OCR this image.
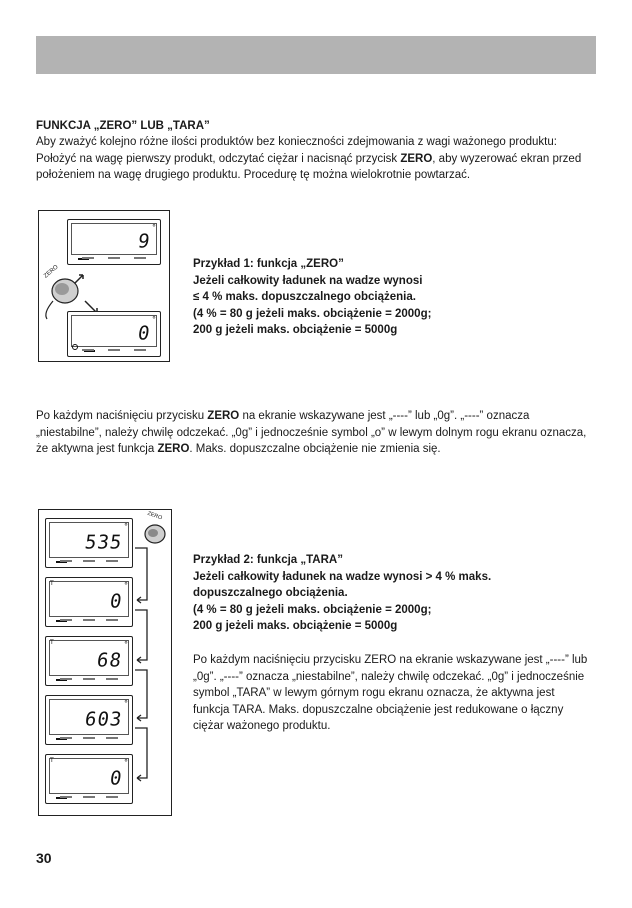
FUNKCJA „ZERO” LUB „TARA”
Aby zważyć kolejno różne ilości produktów bez konieczności zdejmowania z wagi ważonego produktu: Położyć na wagę pierwszy produkt, odczytać ciężar i nacisnąć przycisk ZERO, aby wyzerować ekran przed położeniem na wagę drugiego produktu. Procedurę tę można wielokrotnie powtarzać.
9
°
ZERO
0
°
Przykład 1: funkcja „ZERO”
Jeżeli całkowity ładunek na wadze wynosi
≤ 4 % maks. dopuszczalnego obciążenia.
(4 % = 80 g jeżeli maks. obciążenie = 2000g;
200 g jeżeli maks. obciążenie = 5000g
Po każdym naciśnięciu przycisku ZERO na ekranie wskazywane jest „----” lub „0g”. „----” oznacza „niestabilne”, należy chwilę odczekać. „0g” i jednocześnie symbol „o” w lewym dolnym rogu ekranu oznacza, że aktywna jest funkcja ZERO. Maks. dopuszczalne obciążenie nie zmienia się.
535
°
T
0
°
T
68
°
603
°
T
0
°
ZERO
Przykład 2: funkcja „TARA”
Jeżeli całkowity ładunek na wadze wynosi > 4 % maks.
dopuszczalnego obciążenia.
(4 % = 80 g jeżeli maks. obciążenie = 2000g;
200 g jeżeli maks. obciążenie = 5000g
Po każdym naciśnięciu przycisku ZERO na ekranie wskazywane jest „----” lub „0g”. „----” oznacza „niestabilne”, należy chwilę odczekać. „0g” i jednocześnie symbol „TARA” w lewym górnym rogu ekranu oznacza, że aktywna jest funkcja TARA. Maks. dopuszczalne obciążenie jest redukowane o łączny ciężar ważonego produktu.
30
